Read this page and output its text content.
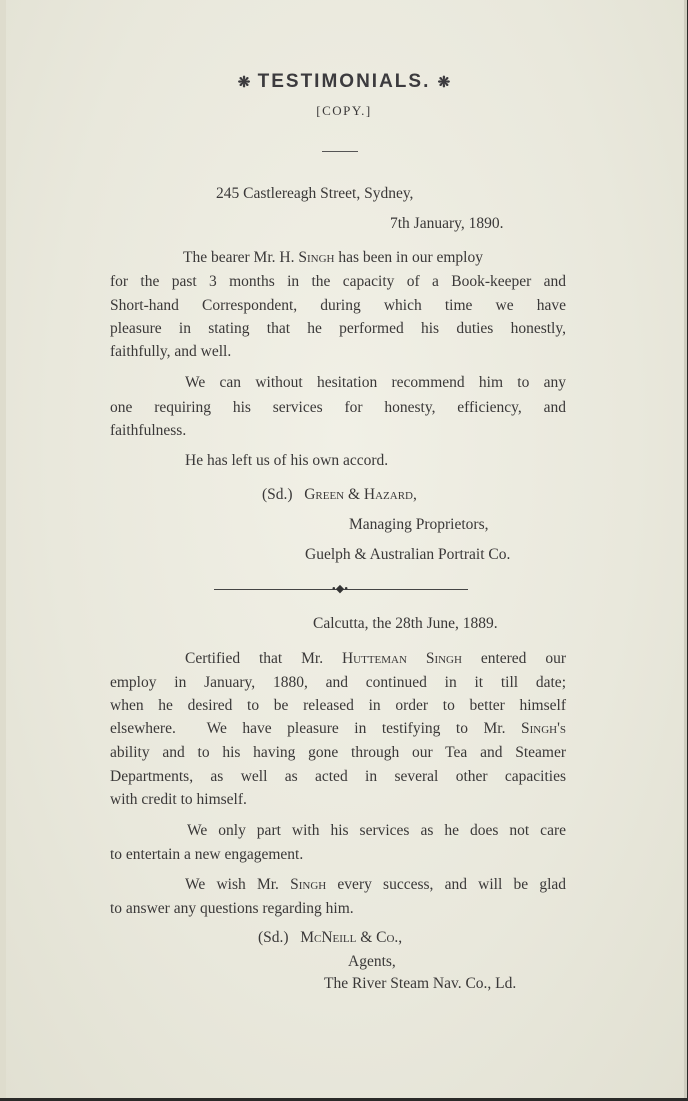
❋ TESTIMONIALS. ❋
[COPY.]
245 Castlereagh Street, Sydney,
7th January, 1890.
The bearer Mr. H. Singh has been in our employ
for the past 3 months in the capacity of a Book-keeper and
Short-hand Correspondent, during which time we have
pleasure in stating that he performed his duties honestly,
faithfully, and well.
We can without hesitation recommend him to any
one requiring his services for honesty, efficiency, and
faithfulness.
He has left us of his own accord.
(Sd.) Green & Hazard,
Managing Proprietors,
Guelph & Australian Portrait Co.
•◆•
Calcutta, the 28th June, 1889.
Certified that Mr. Hutteman Singh entered our
employ in January, 1880, and continued in it till date;
when he desired to be released in order to better himself
elsewhere.  We have pleasure in testifying to Mr. Singh's
ability and to his having gone through our Tea and Steamer
Departments, as well as acted in several other capacities
with credit to himself.
We only part with his services as he does not care
to entertain a new engagement.
We wish Mr. Singh every success, and will be glad
to answer any questions regarding him.
(Sd.) McNeill & Co.,
Agents,
The River Steam Nav. Co., Ld.
